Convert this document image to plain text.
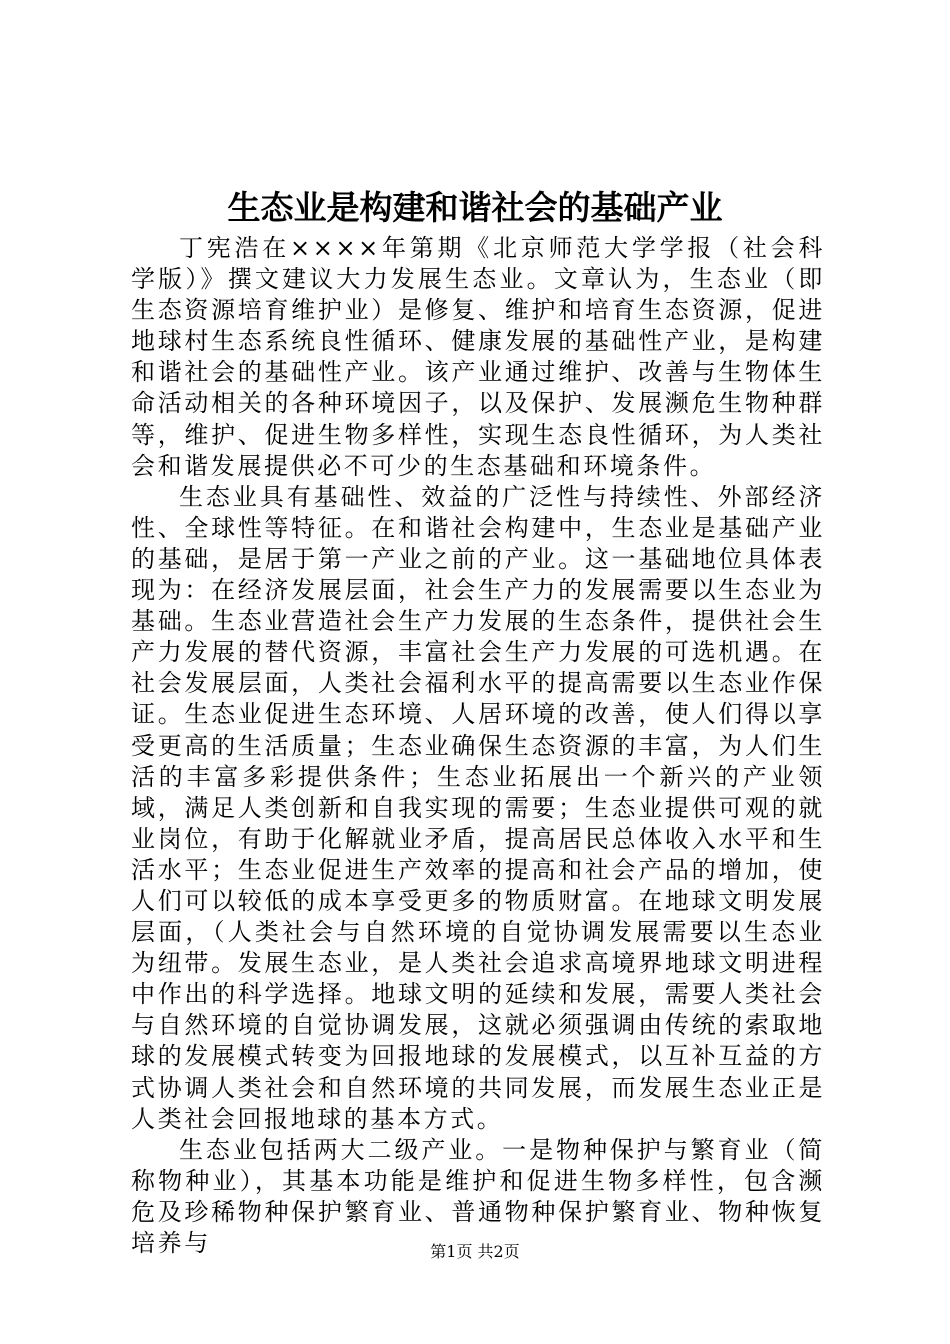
生态业是构建和谐社会的基础产业

丁宪浩在××××年第期《北京师范大学学报（社会科学版）》撰文建议大力发展生态业。文章认为，生态业（即生态资源培育维护业）是修复、维护和培育生态资源，促进地球村生态系统良性循环、健康发展的基础性产业，是构建和谐社会的基础性产业。该产业通过维护、改善与生物体生命活动相关的各种环境因子，以及保护、发展濒危生物种群等，维护、促进生物多样性，实现生态良性循环，为人类社会和谐发展提供必不可少的生态基础和环境条件。

生态业具有基础性、效益的广泛性与持续性、外部经济性、全球性等特征。在和谐社会构建中，生态业是基础产业的基础，是居于第一产业之前的产业。这一基础地位具体表现为：在经济发展层面，社会生产力的发展需要以生态业为基础。生态业营造社会生产力发展的生态条件，提供社会生产力发展的替代资源，丰富社会生产力发展的可选机遇。在社会发展层面，人类社会福利水平的提高需要以生态业作保证。生态业促进生态环境、人居环境的改善，使人们得以享受更高的生活质量；生态业确保生态资源的丰富，为人们生活的丰富多彩提供条件；生态业拓展出一个新兴的产业领域，满足人类创新和自我实现的需要；生态业提供可观的就业岗位，有助于化解就业矛盾，提高居民总体收入水平和生活水平；生态业促进生产效率的提高和社会产品的增加，使人们可以较低的成本享受更多的物质财富。在地球文明发展层面，（人类社会与自然环境的自觉协调发展需要以生态业为纽带。发展生态业，是人类社会追求高境界地球文明进程中作出的科学选择。地球文明的延续和发展，需要人类社会与自然环境的自觉协调发展，这就必须强调由传统的索取地球的发展模式转变为回报地球的发展模式，以互补互益的方式协调人类社会和自然环境的共同发展，而发展生态业正是人类社会回报地球的基本方式。

生态业包括两大二级产业。一是物种保护与繁育业（简称物种业），其基本功能是维护和促进生物多样性，包含濒危及珍稀物种保护繁育业、普通物种保护繁育业、物种恢复培养与	第1页 共2页
